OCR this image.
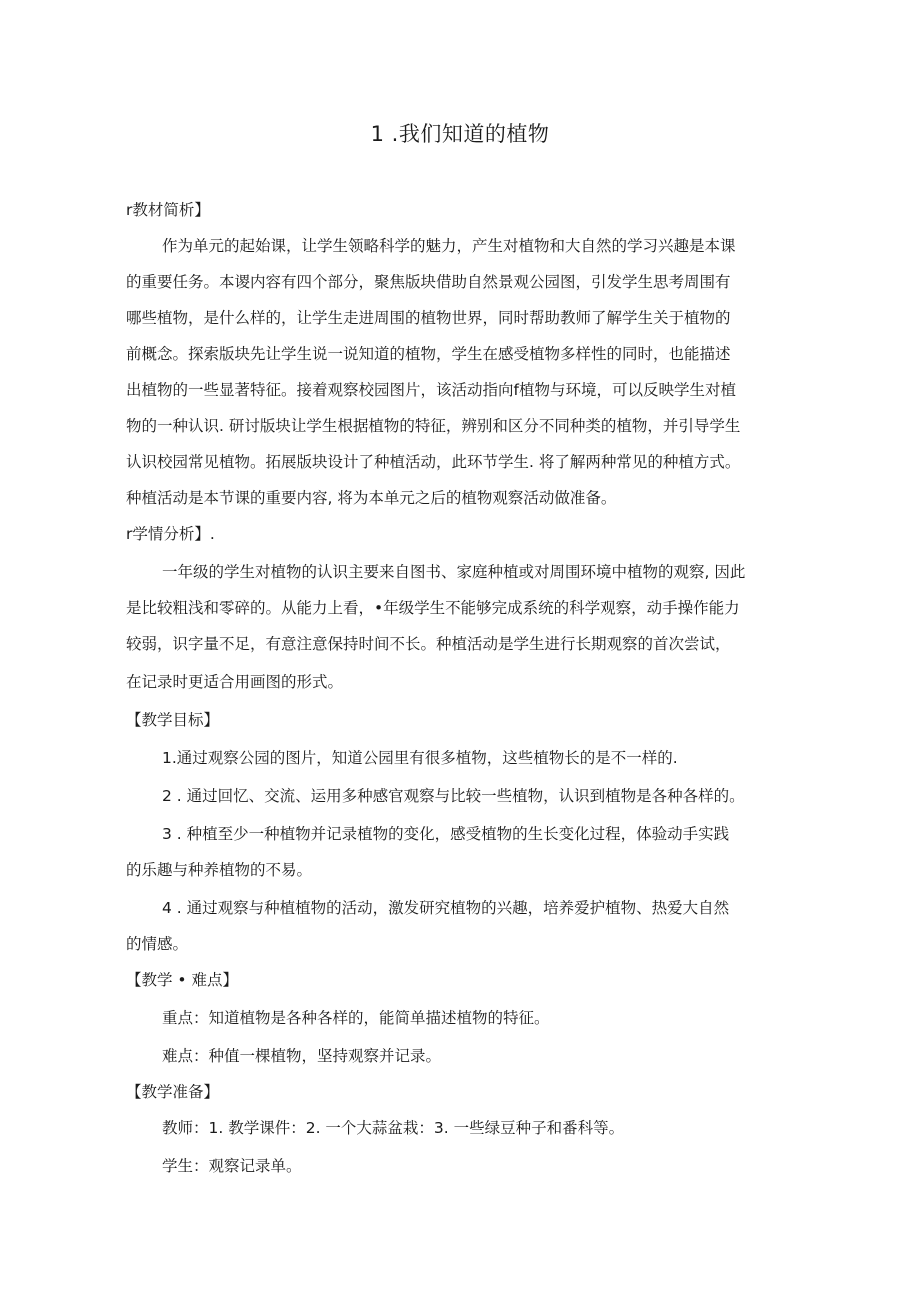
1 .我们知道的植物
r教材简析】
作为单元的起始课，让学生领略科学的魅力，产生对植物和大自然的学习兴趣是本课
的重要任务。本谡内容有四个部分，聚焦版块借助自然景观公园图，引发学生思考周围有
哪些植物，是什么样的，让学生走进周围的植物世界，同时帮助教师了解学生关于植物的
前概念。探索版块先让学生说一说知道的植物，学生在感受植物多样性的同时，也能描述
出植物的一些显著特征。接着观察校园图片，该活动指向f植物与环境，可以反映学生对植
物的一种认识. 研讨版块让学生根据植物的特征，辨别和区分不同种类的植物，并引导学生
认识校园常见植物。拓展版块设计了种植活动，此环节学生. 将了解两种常见的种植方式。
种植活动是本节课的重要内容, 将为本单元之后的植物观察活动做准备。
r学情分析】.
一年级的学生对植物的认识主要来自图书、家庭种植或对周围环境中植物的观察, 因此
是比较粗浅和零碎的。从能力上看，•年级学生不能够完成系统的科学观察，动手操作能力
较弱，识字量不足，有意注意保持时间不长。种植活动是学生进行长期观察的首次尝试，
在记录时更适合用画图的形式。
【教学目标】
1.通过观察公园的图片，知道公园里有很多植物，这些植物长的是不一样的.
2 . 通过回忆、交流、运用多种感官观察与比较一些植物，认识到植物是各种各样的。
3 . 种植至少一种植物并记录植物的变化，感受植物的生长变化过程，体验动手实践
的乐趣与种养植物的不易。
4 . 通过观察与种植植物的活动，激发研究植物的兴趣，培养爱护植物、热爱大自然
的情感。
【教学 • 难点】
重点：知道植物是各种各样的，能简单描述植物的特征。
难点：种值一棵植物，坚持观察并记录。
【教学准备】
教师：1. 教学课件：2. 一个大蒜盆栽：3. 一些绿豆种子和番科等。
学生：观察记录单。
